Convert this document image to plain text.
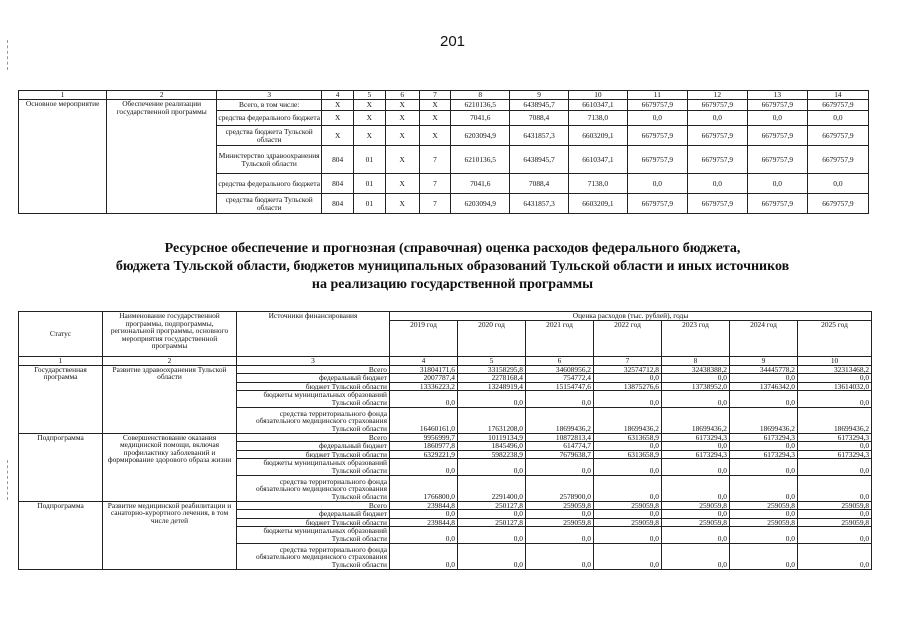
201
1	2	3	4	5	6	7	8	9	10	11	12	13	14
Основное мероприятие	Обеспечение реализации государственной программы	Всего, в том числе:	X	X	X	X	6210136,5	6438945,7	6610347,1	6679757,9	6679757,9	6679757,9	6679757,9
		средства федерального бюджета	X	X	X	X	7041,6	7088,4	7138,0	0,0	0,0	0,0	0,0
		средства бюджета Тульской области	X	X	X	X	6203094,9	6431857,3	6603209,1	6679757,9	6679757,9	6679757,9	6679757,9
		Министерство здравоохранения Тульской области	804	01	X	7	6210136,5	6438945,7	6610347,1	6679757,9	6679757,9	6679757,9	6679757,9
		средства федерального бюджета	804	01	X	7	7041,6	7088,4	7138,0	0,0	0,0	0,0	0,0
		средства бюджета Тульской области	804	01	X	7	6203094,9	6431857,3	6603209,1	6679757,9	6679757,9	6679757,9	6679757,9
Ресурсное обеспечение и прогнозная (справочная) оценка расходов федерального бюджета,
бюджета Тульской области, бюджетов муниципальных образований Тульской области и иных источников
на реализацию государственной программы
Статус	Наименование государственной программы, подпрограммы, региональной программы, основного мероприятия государственной программы	Источники финансирования	Оценка расходов (тыс. рублей), годы						
			2019 год	2020 год	2021 год	2022 год	2023 год	2024 год	2025 год
1	2	3	4	5	6	7	8	9	10
Государственная программа	Развитие здравоохранения Тульской области	Всего	31804171,6	33158295,8	34608956,2	32574712,8	32438388,2	34445778,2	32313468,2
		федеральный бюджет	2007787,4	2278168,4	754772,4	0,0	0,0	0,0	0,0
		бюджет Тульской области	13336223,2	13248919,4	15154747,6	13875276,6	13738952,0	13746342,0	13614032,0
		бюджеты муниципальных образований Тульской области	0,0	0,0	0,0	0,0	0,0	0,0	0,0
		средства территориального фонда обязательного медицинского страхования Тульской области	16460161,0	17631208,0	18699436,2	18699436,2	18699436,2	18699436,2	18699436,2
Подпрограмма	Совершенствование оказания медицинской помощи, включая профилактику заболеваний и формирование здорового образа жизни	Всего	9956999,7	10119134,9	10872813,4	6313658,9	6173294,3	6173294,3	6173294,3
		федеральный бюджет	1860977,8	1845496,0	614774,7	0,0	0,0	0,0	0,0
		бюджет Тульской области	6329221,9	5982238,9	7679638,7	6313658,9	6173294,3	6173294,3	6173294,3
		бюджеты муниципальных образований Тульской области	0,0	0,0	0,0	0,0	0,0	0,0	0,0
		средства территориального фонда обязательного медицинского страхования Тульской области	1766800,0	2291400,0	2578900,0	0,0	0,0	0,0	0,0
Подпрограмма	Развитие медицинской реабилитации и санаторно-курортного лечения, в том числе детей	Всего	239844,8	250127,8	259059,8	259059,8	259059,8	259059,8	259059,8
		федеральный бюджет	0,0	0,0	0,0	0,0	0,0	0,0	0,0
		бюджет Тульской области	239844,8	250127,8	259059,8	259059,8	259059,8	259059,8	259059,8
		бюджеты муниципальных образований Тульской области	0,0	0,0	0,0	0,0	0,0	0,0	0,0
		средства территориального фонда обязательного медицинского страхования Тульской области	0,0	0,0	0,0	0,0	0,0	0,0	0,0
